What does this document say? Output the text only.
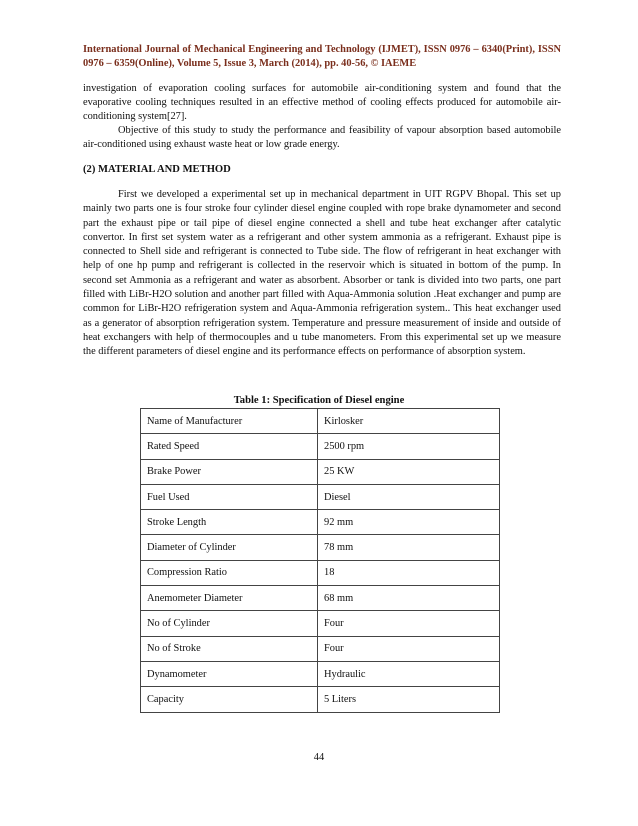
International Journal of Mechanical Engineering and Technology (IJMET), ISSN 0976 – 6340(Print), ISSN 0976 – 6359(Online), Volume 5, Issue 3, March (2014), pp. 40-56, © IAEME

investigation of evaporation cooling surfaces for automobile air-conditioning system and found that the evaporative cooling techniques resulted in an effective method of cooling effects produced for automobile air-conditioning system[27].

Objective of this study to study the performance and feasibility of vapour absorption based automobile air-conditioned using exhaust waste heat or low grade energy.

(2) MATERIAL AND METHOD

First we developed a experimental set up in mechanical department in UIT RGPV Bhopal. This set up mainly two parts one is four stroke four cylinder diesel engine coupled with rope brake dynamometer and second part the exhaust pipe or tail pipe of diesel engine connected a shell and tube heat exchanger after catalytic convertor. In first set system water as a refrigerant and other system ammonia as a refrigerant. Exhaust pipe is connected to Shell side and refrigerant is connected to Tube side. The flow of refrigerant in heat exchanger with help of one hp pump and refrigerant is collected in the reservoir which is situated in bottom of the pump. In second set Ammonia as a refrigerant and water as absorbent. Absorber or tank is divided into two parts, one part filled with LiBr-H2O solution and another part filled with Aqua-Ammonia solution .Heat exchanger and pump are common for LiBr-H2O refrigeration system and Aqua-Ammonia refrigeration system.. This heat exchanger used as a generator of absorption refrigeration system. Temperature and pressure measurement of inside and outside of heat exchangers with help of thermocouples and u tube manometers. From this experimental set up we measure the different parameters of diesel engine and its performance effects on performance of absorption system.

Table 1: Specification of Diesel engine
Name of Manufacturer	Kirlosker
Rated Speed	2500 rpm
Brake Power	25 KW
Fuel Used	Diesel
Stroke Length	92 mm
Diameter of Cylinder	78 mm
Compression Ratio	18
Anemometer Diameter	68 mm
No of Cylinder	Four
No of Stroke	Four
Dynamometer	Hydraulic
Capacity	5 Liters
44
